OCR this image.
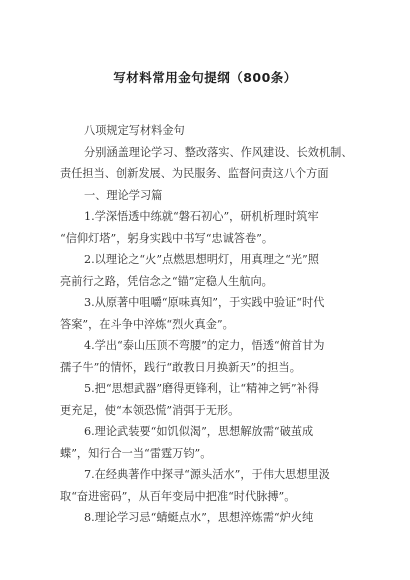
写材料常用金句提纲（800条）
八项规定写材料金句
分别涵盖理论学习、整改落实、作风建设、长效机制、
责任担当、创新发展、为民服务、监督问责这八个方面
一、理论学习篇
1.学深悟透中练就“磐石初心”，研机析理时筑牢
“信仰灯塔”，躬身实践中书写“忠诚答卷”。
2.以理论之“火”点燃思想明灯，用真理之“光”照
亮前行之路，凭信念之“锚”定稳人生航向。
3.从原著中咀嚼“原味真知”，于实践中验证“时代
答案”，在斗争中淬炼“烈火真金”。
4.学出“泰山压顶不弯腰”的定力，悟透“俯首甘为
孺子牛”的情怀，践行“敢教日月换新天”的担当。
5.把“思想武器”磨得更锋利，让“精神之钙”补得
更充足，使“本领恐慌”消弭于无形。
6.理论武装要“如饥似渴”，思想解放需“破茧成
蝶”，知行合一当“雷霆万钧”。
7.在经典著作中探寻“源头活水”，于伟大思想里汲
取“奋进密码”，从百年变局中把准“时代脉搏”。
8.理论学习忌“蜻蜓点水”，思想淬炼需“炉火纯
